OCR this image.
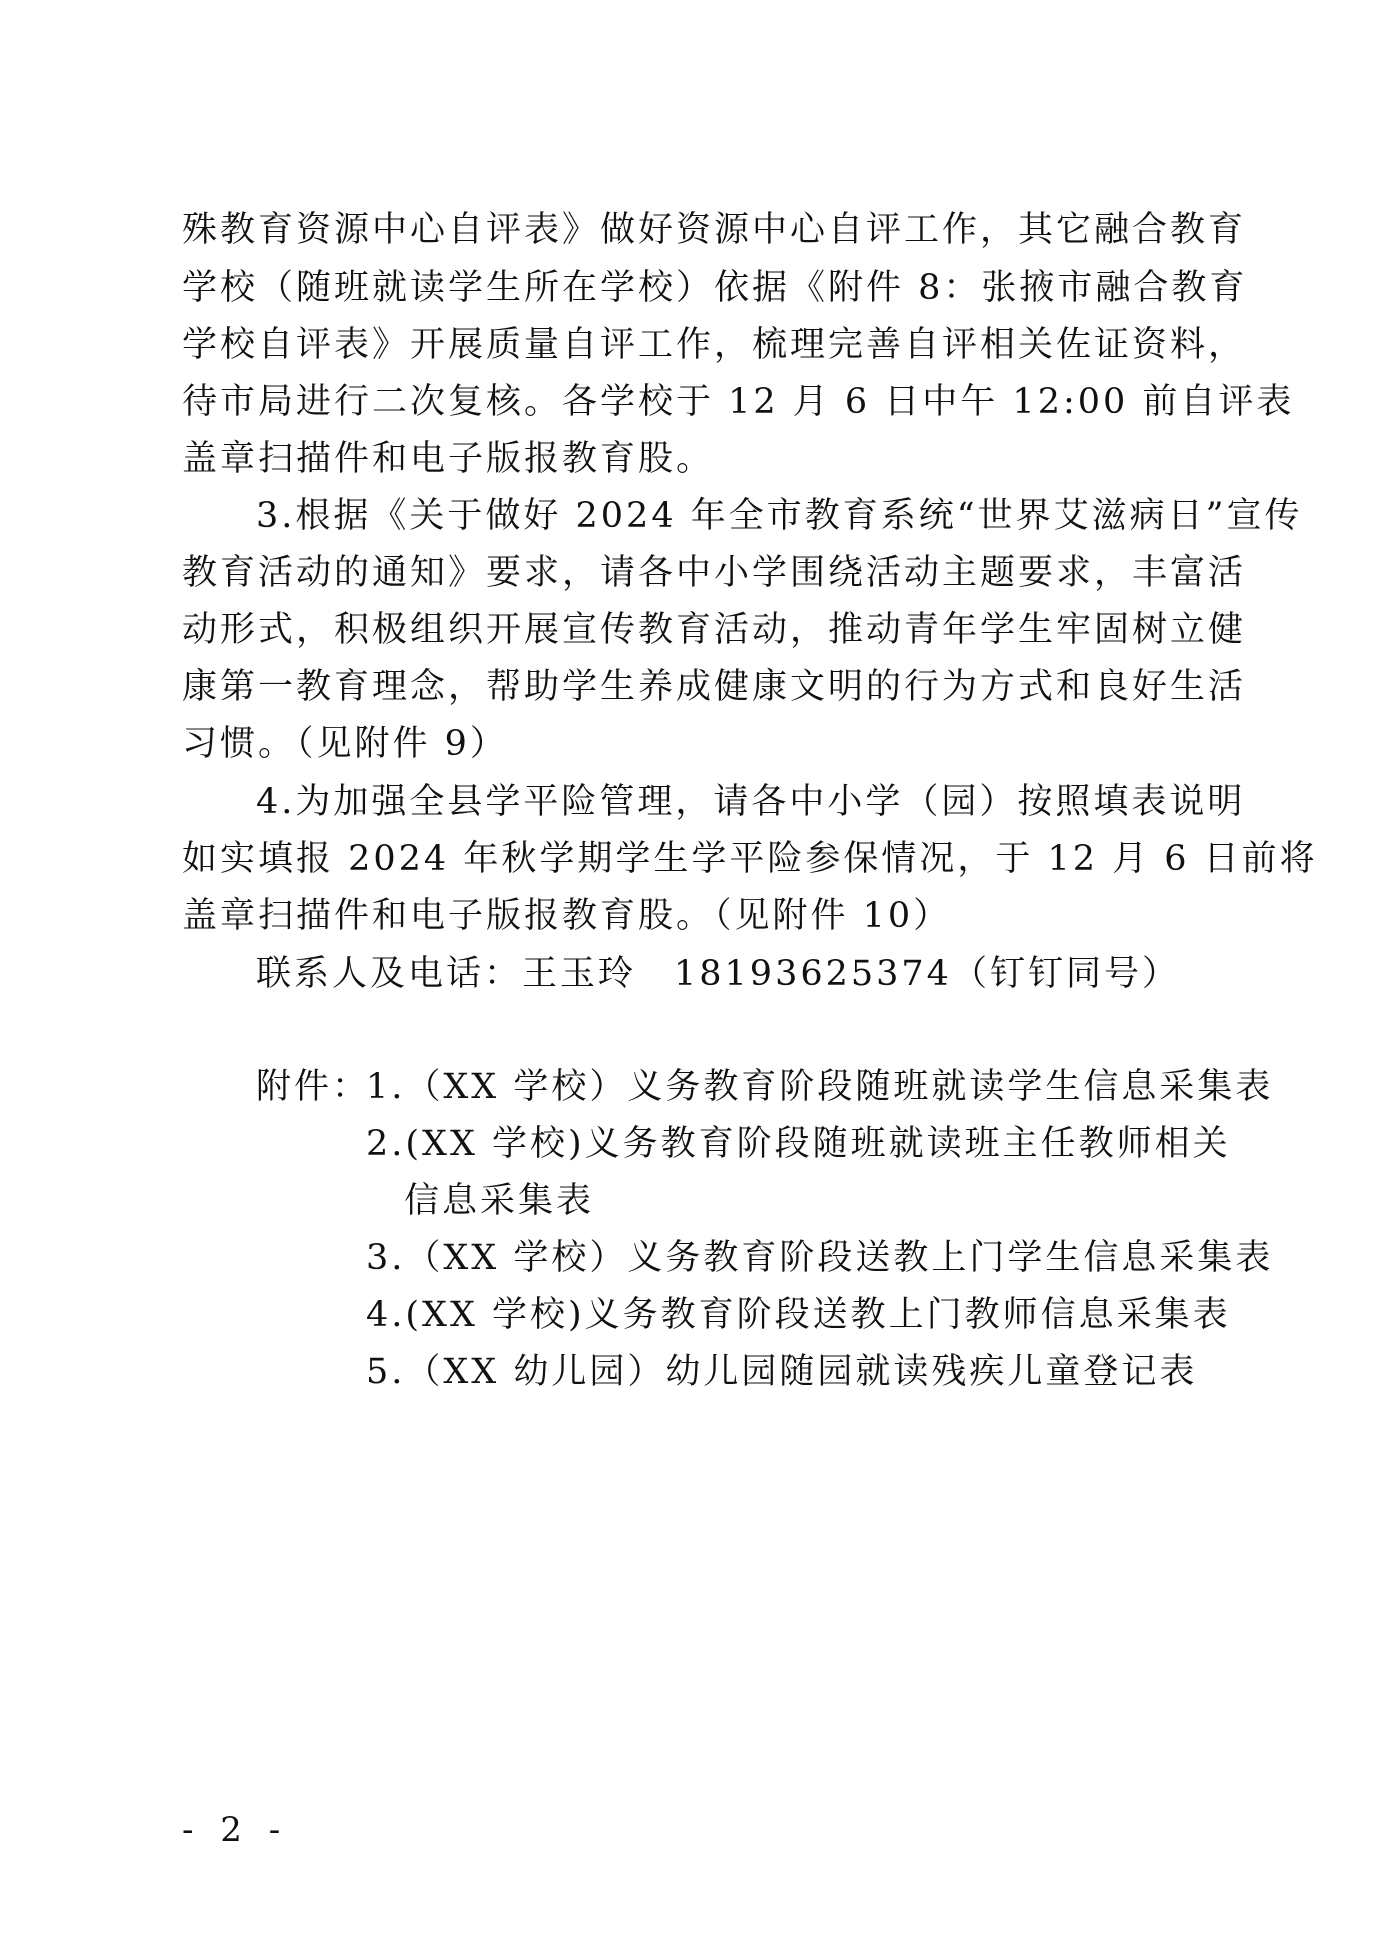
殊教育资源中心自评表》做好资源中心自评工作，其它融合教育
学校（随班就读学生所在学校）依据《附件 8：张掖市融合教育
学校自评表》开展质量自评工作，梳理完善自评相关佐证资料，
待市局进行二次复核。各学校于 12 月 6 日中午 12:00 前自评表
盖章扫描件和电子版报教育股。
3.根据《关于做好 2024 年全市教育系统“世界艾滋病日”宣传
教育活动的通知》要求，请各中小学围绕活动主题要求，丰富活
动形式，积极组织开展宣传教育活动，推动青年学生牢固树立健
康第一教育理念，帮助学生养成健康文明的行为方式和良好生活
习惯。（见附件 9）
4.为加强全县学平险管理，请各中小学（园）按照填表说明
如实填报 2024 年秋学期学生学平险参保情况，于 12 月 6 日前将
盖章扫描件和电子版报教育股。（见附件 10）
联系人及电话：王玉玲　18193625374（钉钉同号）
附件：
1.（XX 学校）义务教育阶段随班就读学生信息采集表
2.(XX 学校)义务教育阶段随班就读班主任教师相关
信息采集表
3.（XX 学校）义务教育阶段送教上门学生信息采集表
4.(XX 学校)义务教育阶段送教上门教师信息采集表
5.（XX 幼儿园）幼儿园随园就读残疾儿童登记表
- 2 -
